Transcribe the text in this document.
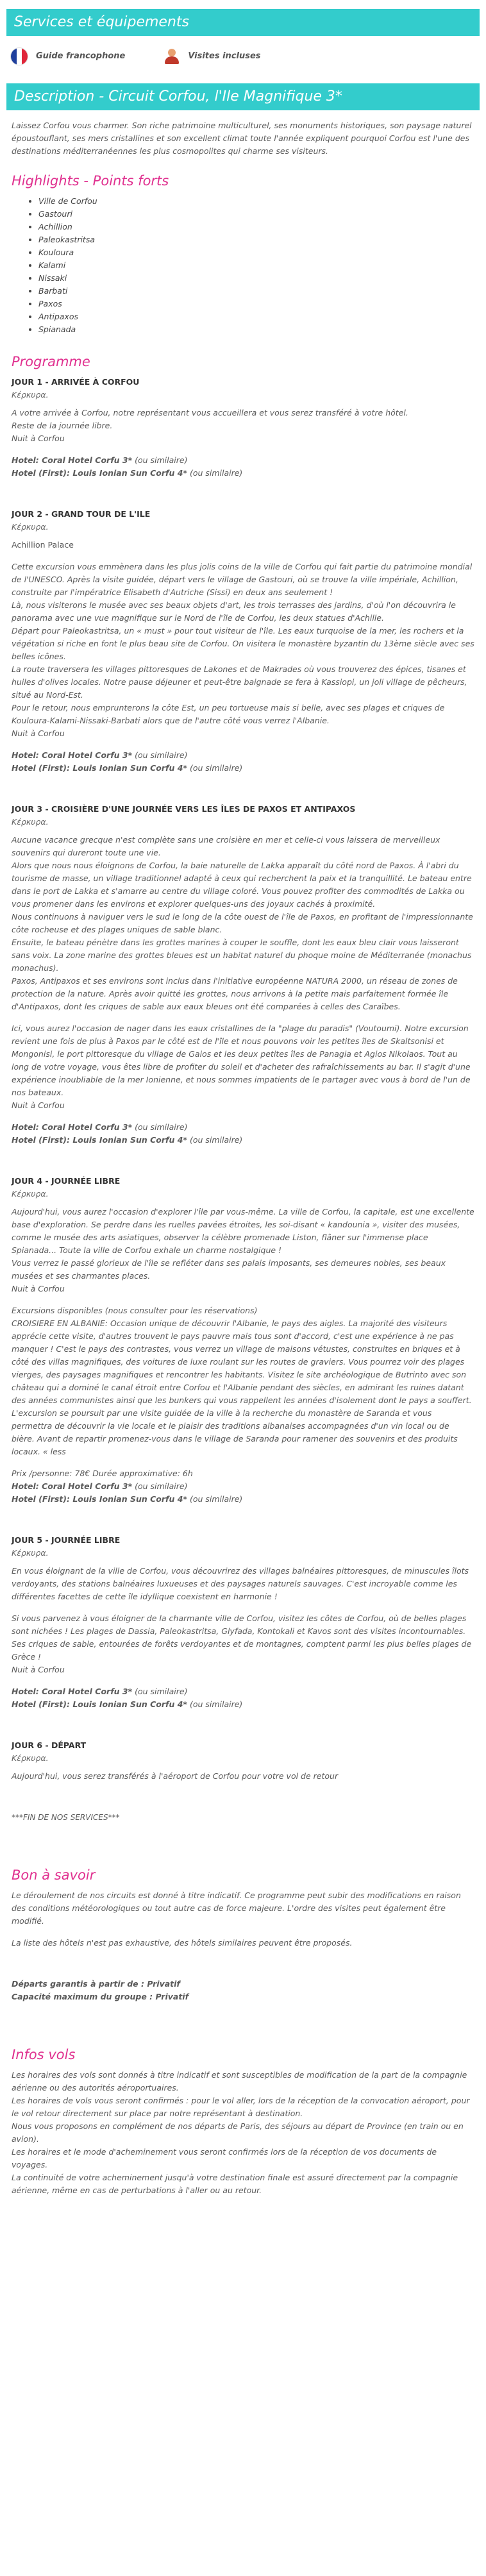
Services et équipements
Guide francophone	Visites incluses
Description - Circuit Corfou, l'Ile Magnifique 3*
Laissez Corfou vous charmer. Son riche patrimoine multiculturel, ses monuments historiques, son paysage naturel époustouflant, ses mers cristallines et son excellent climat toute l'année expliquent pourquoi Corfou est l'une des destinations méditerranéennes les plus cosmopolites qui charme ses visiteurs.
Highlights - Points forts
• Ville de Corfou
• Gastouri
• Achillion
• Paleokastritsa
• Kouloura
• Kalami
• Nissaki
• Barbati
• Paxos
• Antipaxos
• Spianada
Programme
JOUR 1 - ARRIVÉE À CORFOU
Κέρκυρα.

A votre arrivée à Corfou, notre représentant vous accueillera et vous serez transféré à votre hôtel.

Reste de la journée libre.

Nuit à Corfou

Hotel: Coral Hotel Corfu 3* (ou similaire)

Hotel (First): Louis Ionian Sun Corfu 4* (ou similaire)

JOUR 2 - GRAND TOUR DE L'ILE
Κέρκυρα.

Achillion Palace

Cette excursion vous emmènera dans les plus jolis coins de la ville de Corfou qui fait partie du patrimoine mondial de l'UNESCO. Après la visite guidée, départ vers le village de Gastouri, où se trouve la ville impériale, Achillion, construite par l'impératrice Elisabeth d'Autriche (Sissi) en deux ans seulement !

Là, nous visiterons le musée avec ses beaux objets d'art, les trois terrasses des jardins, d'où l'on découvrira le panorama avec une vue magnifique sur le Nord de l'île de Corfou, les deux statues d'Achille.

Départ pour Paleokastritsa, un « must » pour tout visiteur de l'île. Les eaux turquoise de la mer, les rochers et la végétation si riche en font le plus beau site de Corfou. On visitera le monastère byzantin du 13ème siècle avec ses belles icônes.

La route traversera les villages pittoresques de Lakones et de Makrades où vous trouverez des épices, tisanes et huiles d'olives locales. Notre pause déjeuner et peut-être baignade se fera à Kassiopi, un joli village de pêcheurs, situé au Nord-Est.

Pour le retour, nous emprunterons la côte Est, un peu tortueuse mais si belle, avec ses plages et criques de Kouloura-Kalami-Nissaki-Barbati alors que de l'autre côté vous verrez l'Albanie.

Nuit à Corfou

Hotel: Coral Hotel Corfu 3* (ou similaire)

Hotel (First): Louis Ionian Sun Corfu 4* (ou similaire)

JOUR 3 - CROISIÈRE D'UNE JOURNÉE VERS LES ÎLES DE PAXOS ET ANTIPAXOS
Κέρκυρα.

Aucune vacance grecque n'est complète sans une croisière en mer et celle-ci vous laissera de merveilleux souvenirs qui dureront toute une vie.

Alors que nous nous éloignons de Corfou, la baie naturelle de Lakka apparaît du côté nord de Paxos. À l'abri du tourisme de masse, un village traditionnel adapté à ceux qui recherchent la paix et la tranquillité. Le bateau entre dans le port de Lakka et s'amarre au centre du village coloré. Vous pouvez profiter des commodités de Lakka ou vous promener dans les environs et explorer quelques-uns des joyaux cachés à proximité.

Nous continuons à naviguer vers le sud le long de la côte ouest de l'île de Paxos, en profitant de l'impressionnante côte rocheuse et des plages uniques de sable blanc.

Ensuite, le bateau pénètre dans les grottes marines à couper le souffle, dont les eaux bleu clair vous laisseront sans voix. La zone marine des grottes bleues est un habitat naturel du phoque moine de Méditerranée (monachus monachus).

Paxos, Antipaxos et ses environs sont inclus dans l'initiative européenne NATURA 2000, un réseau de zones de protection de la nature. Après avoir quitté les grottes, nous arrivons à la petite mais parfaitement formée île d'Antipaxos, dont les criques de sable aux eaux bleues ont été comparées à celles des Caraïbes.

Ici, vous aurez l'occasion de nager dans les eaux cristallines de la "plage du paradis" (Voutoumi). Notre excursion revient une fois de plus à Paxos par le côté est de l'île et nous pouvons voir les petites îles de Skaltsonisi et Mongonisi, le port pittoresque du village de Gaios et les deux petites îles de Panagia et Agios Nikolaos. Tout au long de votre voyage, vous êtes libre de profiter du soleil et d'acheter des rafraîchissements au bar. Il s'agit d'une expérience inoubliable de la mer Ionienne, et nous sommes impatients de le partager avec vous à bord de l'un de nos bateaux.

Nuit à Corfou

Hotel: Coral Hotel Corfu 3* (ou similaire)

Hotel (First): Louis Ionian Sun Corfu 4* (ou similaire)

JOUR 4 - JOURNÉE LIBRE
Κέρκυρα.

Aujourd'hui, vous aurez l'occasion d'explorer l'île par vous-même. La ville de Corfou, la capitale, est une excellente base d'exploration. Se perdre dans les ruelles pavées étroites, les soi-disant « kandounia », visiter des musées, comme le musée des arts asiatiques, observer la célèbre promenade Liston, flâner sur l'immense place Spianada... Toute la ville de Corfou exhale un charme nostalgique !

Vous verrez le passé glorieux de l'île se refléter dans ses palais imposants, ses demeures nobles, ses beaux musées et ses charmantes places.

Nuit à Corfou

Excursions disponibles (nous consulter pour les réservations)

CROISIERE EN ALBANIE: Occasion unique de découvrir l'Albanie, le pays des aigles. La majorité des visiteurs apprécie cette visite, d'autres trouvent le pays pauvre mais tous sont d'accord, c'est une expérience à ne pas manquer ! C'est le pays des contrastes, vous verrez un village de maisons vétustes, construites en briques et à côté des villas magnifiques, des voitures de luxe roulant sur les routes de graviers. Vous pourrez voir des plages vierges, des paysages magnifiques et rencontrer les habitants. Visitez le site archéologique de Butrinto avec son château qui a dominé le canal étroit entre Corfou et l'Albanie pendant des siècles, en admirant les ruines datant des années communistes ainsi que les bunkers qui vous rappellent les années d'isolement dont le pays a souffert. L'excursion se poursuit par une visite guidée de la ville à la recherche du monastère de Saranda et vous permettra de découvrir la vie locale et le plaisir des traditions albanaises accompagnées d'un vin local ou de bière. Avant de repartir promenez-vous dans le village de Saranda pour ramener des souvenirs et des produits locaux. « less

Prix /personne: 78€ Durée approximative: 6h

Hotel: Coral Hotel Corfu 3* (ou similaire)

Hotel (First): Louis Ionian Sun Corfu 4* (ou similaire)

JOUR 5 - JOURNÉE LIBRE
Κέρκυρα.

En vous éloignant de la ville de Corfou, vous découvrirez des villages balnéaires pittoresques, de minuscules îlots verdoyants, des stations balnéaires luxueuses et des paysages naturels sauvages. C'est incroyable comme les différentes facettes de cette île idyllique coexistent en harmonie !

Si vous parvenez à vous éloigner de la charmante ville de Corfou, visitez les côtes de Corfou, où de belles plages sont nichées ! Les plages de Dassia, Paleokastritsa, Glyfada, Kontokali et Kavos sont des visites incontournables. Ses criques de sable, entourées de forêts verdoyantes et de montagnes, comptent parmi les plus belles plages de Grèce !

Nuit à Corfou

Hotel: Coral Hotel Corfu 3* (ou similaire)

Hotel (First): Louis Ionian Sun Corfu 4* (ou similaire)

JOUR 6 - DÉPART
Κέρκυρα.

Aujourd'hui, vous serez transférés à l'aéroport de Corfou pour votre vol de retour

***FIN DE NOS SERVICES***
Bon à savoir

Le déroulement de nos circuits est donné à titre indicatif. Ce programme peut subir des modifications en raison des conditions météorologiques ou tout autre cas de force majeure. L'ordre des visites peut également être modifié.

La liste des hôtels n'est pas exhaustive, des hôtels similaires peuvent être proposés.

Départs garantis à partir de : Privatif

Capacité maximum du groupe : Privatif

Infos vols

Les horaires des vols sont donnés à titre indicatif et sont susceptibles de modification de la part de la compagnie aérienne ou des autorités aéroportuaires.

Les horaires de vols vous seront confirmés : pour le vol aller, lors de la réception de la convocation aéroport, pour le vol retour directement sur place par notre représentant à destination.

Nous vous proposons en complément de nos départs de Paris, des séjours au départ de Province (en train ou en avion).

Les horaires et le mode d'acheminement vous seront confirmés lors de la réception de vos documents de voyages.

La continuité de votre acheminement jusqu'à votre destination finale est assuré directement par la compagnie aérienne, même en cas de perturbations à l'aller ou au retour.
